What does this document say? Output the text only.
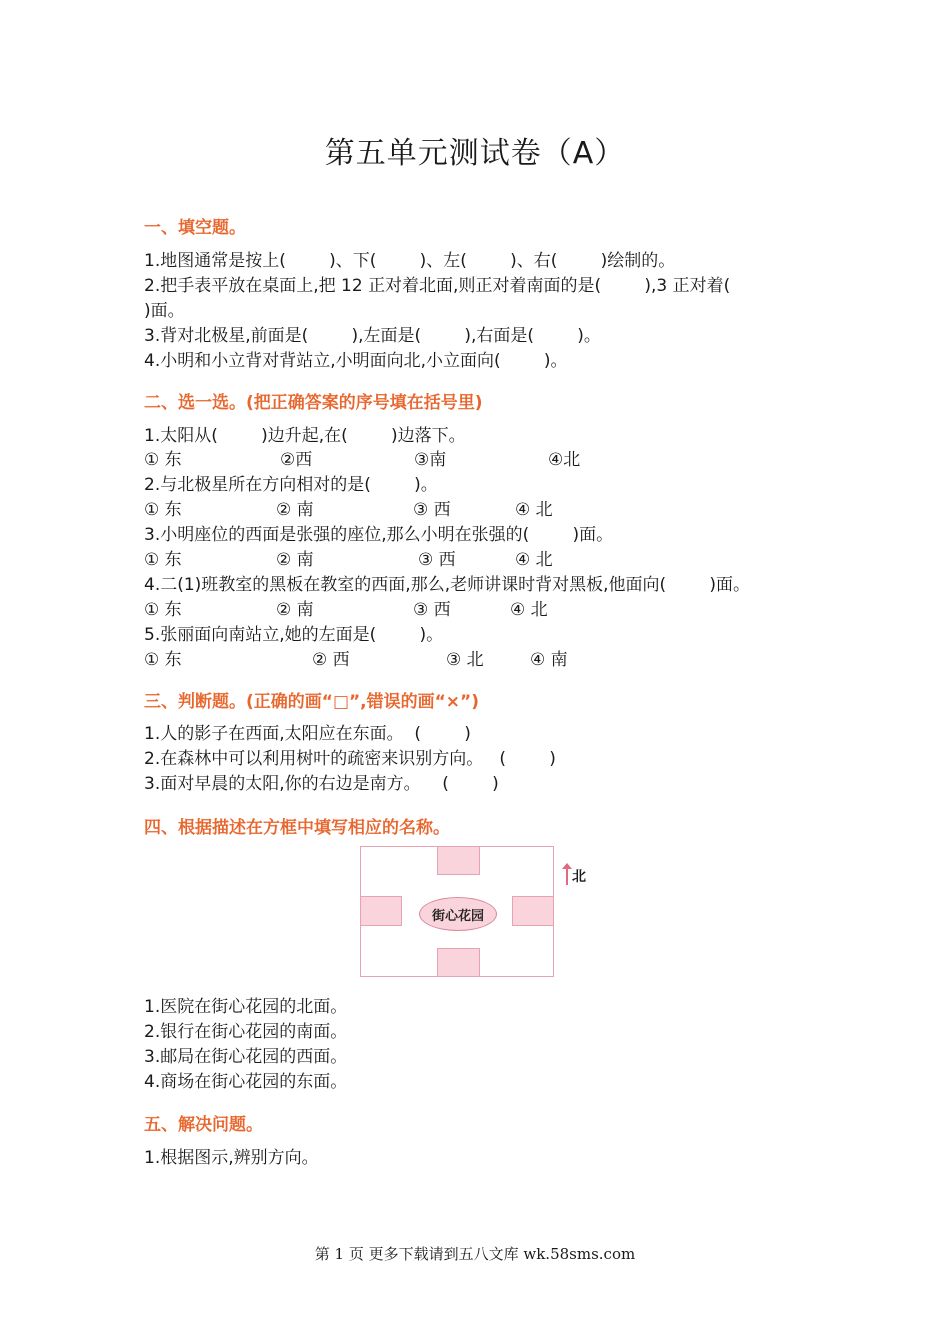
第五单元测试卷（A）
一、填空题。
1.地图通常是按上(        )、下(        )、左(        )、右(        )绘制的。
2.把手表平放在桌面上,把 12 正对着北面,则正对着南面的是(        ),3 正对着(
)面。
3.背对北极星,前面是(        ),左面是(        ),右面是(        )。
4.小明和小立背对背站立,小明面向北,小立面向(        )。
二、选一选。(把正确答案的序号填在括号里)
1.太阳从(        )边升起,在(        )边落下。
① 东	②西	③南	④北
2.与北极星所在方向相对的是(        )。
① 东	② 南	③ 西	④ 北
3.小明座位的西面是张强的座位,那么小明在张强的(        )面。
① 东	② 南	③ 西	④ 北
4.二(1)班教室的黑板在教室的西面,那么,老师讲课时背对黑板,他面向(        )面。
① 东	② 南	③ 西	④ 北
5.张丽面向南站立,她的左面是(        )。
① 东	② 西	③ 北	④ 南
三、判断题。(正确的画“□”,错误的画“×”)
1.人的影子在西面,太阳应在东面。  (        )
2.在森林中可以利用树叶的疏密来识别方向。   (        )
3.面对早晨的太阳,你的右边是南方。    (        )
四、根据描述在方框中填写相应的名称。
街心花园
北
1.医院在街心花园的北面。
2.银行在街心花园的南面。
3.邮局在街心花园的西面。
4.商场在街心花园的东面。
五、解决问题。
1.根据图示,辨别方向。
第 1 页 更多下载请到五八文库 wk.58sms.com
